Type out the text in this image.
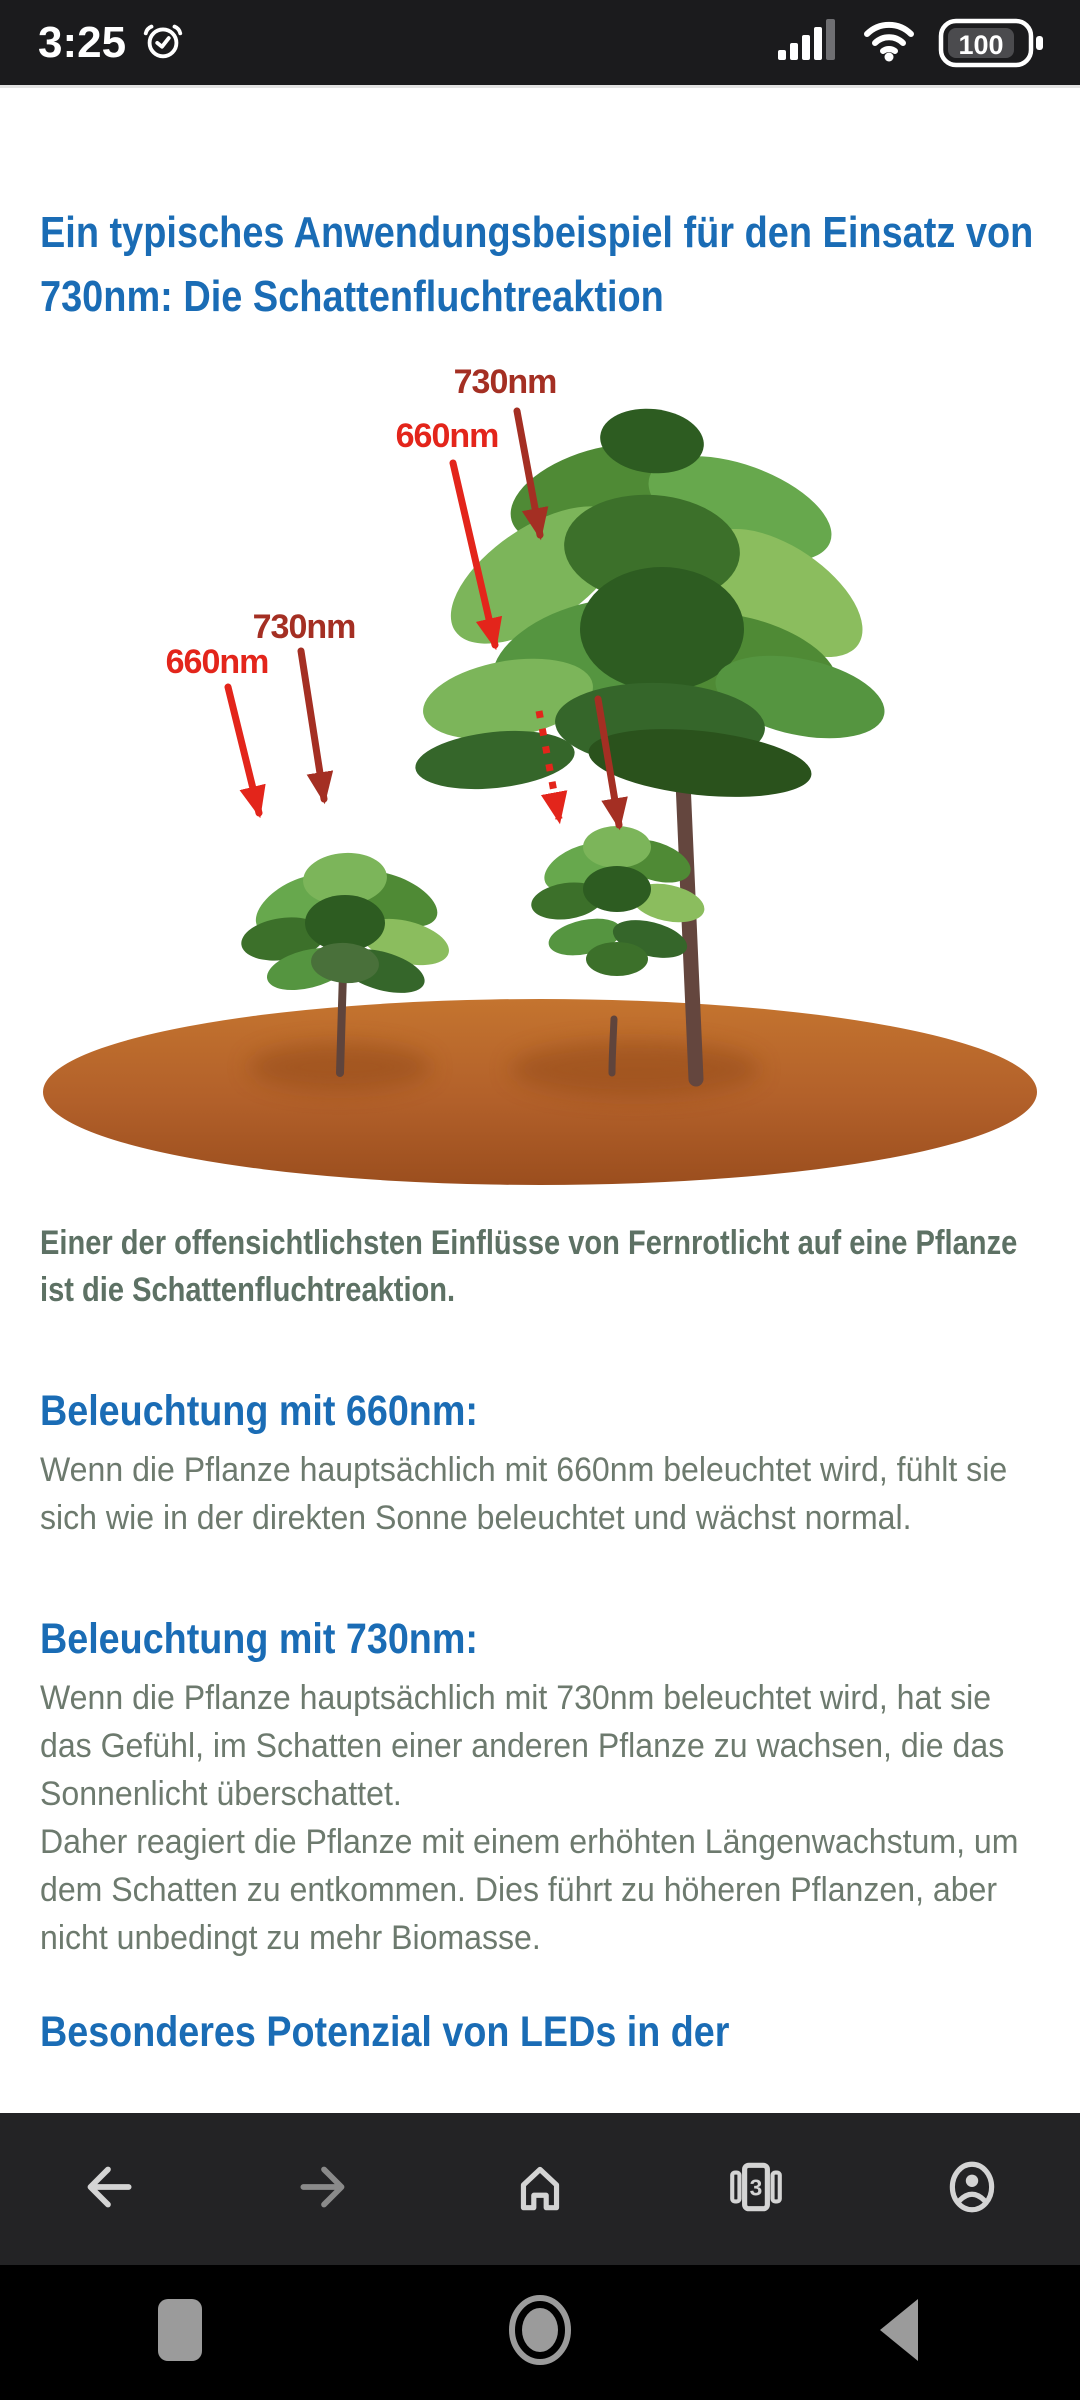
3:25	100
Ein typisches Anwendungsbeispiel für den Einsatz von 730nm: Die Schattenfluchtreaktion
730nm
660nm
730nm
660nm

Einer der offensichtlichsten Einflüsse von Fernrotlicht auf eine Pflanze ist die Schattenfluchtreaktion.

Beleuchtung mit 660nm:

Wenn die Pflanze hauptsächlich mit 660nm beleuchtet wird, fühlt sie sich wie in der direkten Sonne beleuchtet und wächst normal.

Beleuchtung mit 730nm:

Wenn die Pflanze hauptsächlich mit 730nm beleuchtet wird, hat sie das Gefühl, im Schatten einer anderen Pflanze zu wachsen, die das Sonnenlicht überschattet.
Daher reagiert die Pflanze mit einem erhöhten Längenwachstum, um dem Schatten zu entkommen. Dies führt zu höheren Pflanzen, aber nicht unbedingt zu mehr Biomasse.

Besonderes Potenzial von LEDs in der
3
